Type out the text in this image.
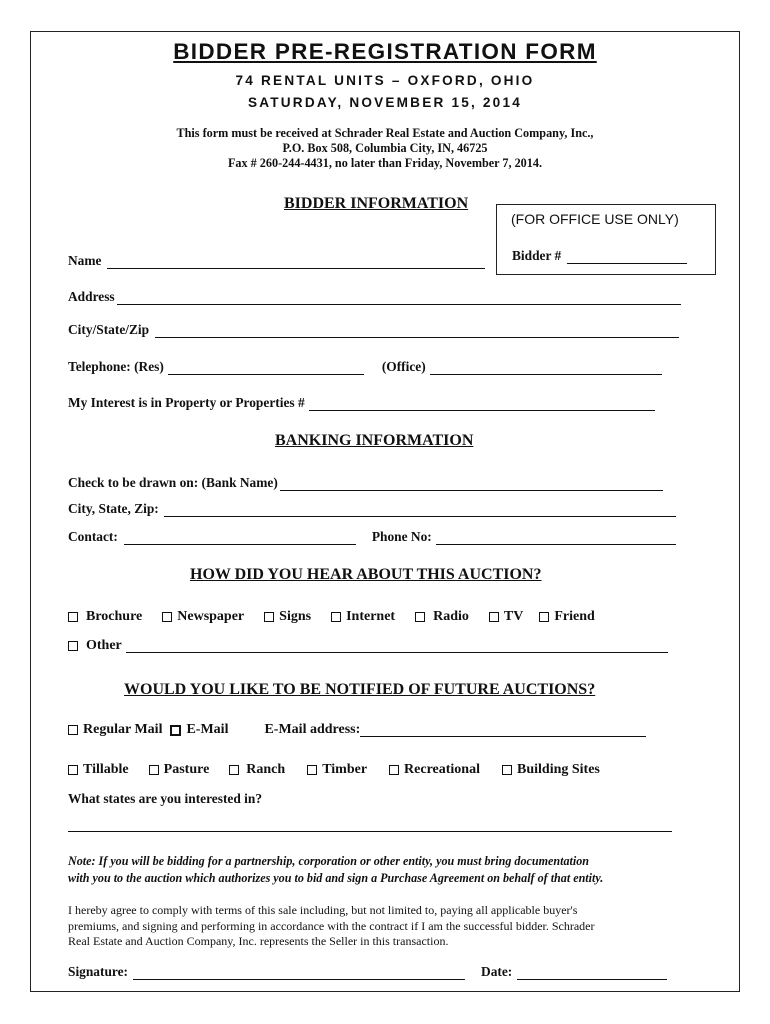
BIDDER PRE-REGISTRATION FORM
74 RENTAL UNITS – OXFORD, OHIO
SATURDAY, NOVEMBER 15, 2014
This form must be received at Schrader Real Estate and Auction Company, Inc.,
P.O. Box 508, Columbia City, IN, 46725
Fax # 260-244-4431, no later than Friday, November 7, 2014.
BIDDER INFORMATION
(FOR OFFICE USE ONLY)
Bidder #
Name
Address
City/State/Zip
Telephone: (Res)	(Office)
My Interest is in Property or Properties #
BANKING INFORMATION
Check to be drawn on: (Bank Name)
City, State, Zip:
Contact:	Phone No:
HOW DID YOU HEAR ABOUT THIS AUCTION?
Brochure	Newspaper	Signs	Internet	Radio	TV Friend
Other
WOULD YOU LIKE TO BE NOTIFIED OF FUTURE AUCTIONS?
Regular Mail E-Mail	E-Mail address:
Tillable	Pasture	Ranch	Timber	Recreational	Building Sites
What states are you interested in?
Note: If you will be bidding for a partnership, corporation or other entity, you must bring documentation
with you to the auction which authorizes you to bid and sign a Purchase Agreement on behalf of that entity.
I hereby agree to comply with terms of this sale including, but not limited to, paying all applicable buyer's
premiums, and signing and performing in accordance with the contract if I am the successful bidder. Schrader
Real Estate and Auction Company, Inc. represents the Seller in this transaction.
Signature:	Date:
